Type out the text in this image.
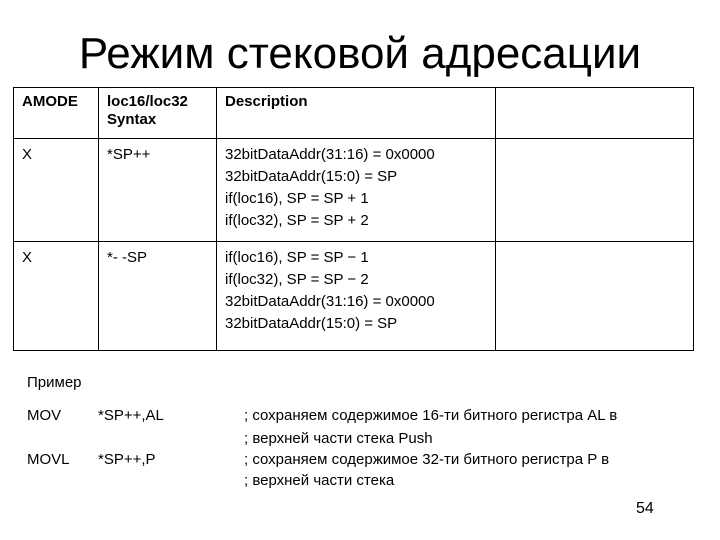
Режим стековой адресации
AMODE	loc16/loc32 Syntax	Description	
X	*SP++	32bitDataAddr(31:16) = 0x0000
32bitDataAddr(15:0) = SP
if(loc16), SP = SP + 1
if(loc32), SP = SP + 2	

X	*- -SP	if(loc16), SP = SP − 1
if(loc32), SP = SP − 2
32bitDataAddr(31:16) = 0x0000
32bitDataAddr(15:0) = SP	

Пример
MOV *SP++,AL	; сохраняем содержимое 16-ти битного регистра AL в
; верхней части стека Push
MOVL *SP++,P	; сохраняем содержимое 32-ти битного регистра P в
; верхней части стека
54
